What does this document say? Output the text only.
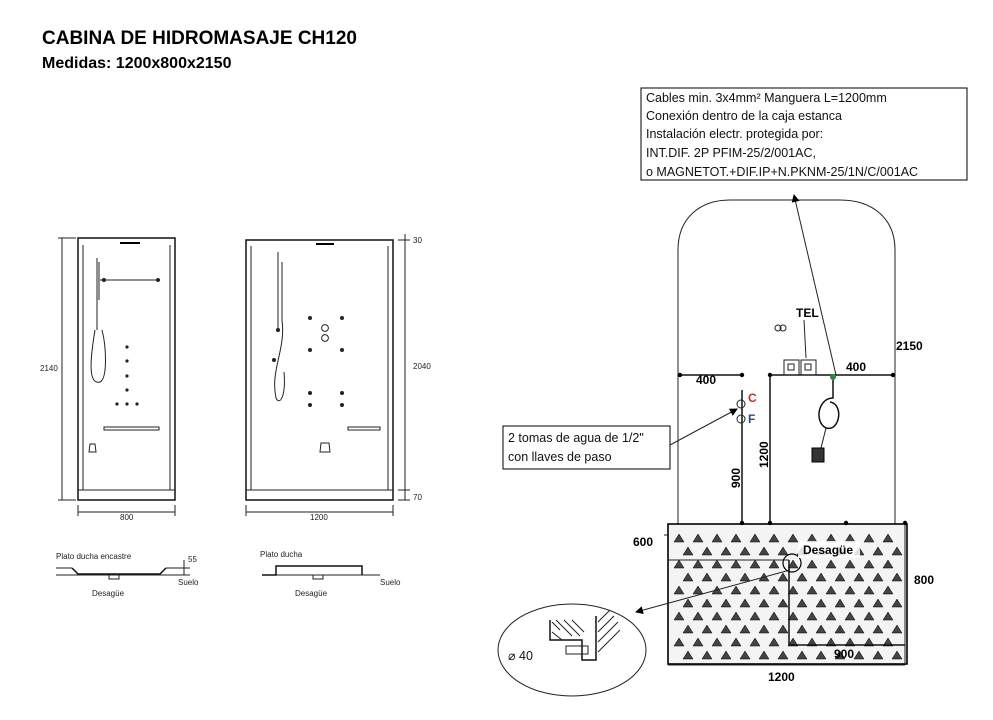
CABINA DE HIDROMASAJE CH120
Medidas: 1200x800x2150
2140
800
30
2040
70
1200
Plato ducha encastre	55
Suelo
Desagüe
Plato ducha
Suelo
Desagüe
Cables min. 3x4mm² Manguera L=1200mm
Conexión dentro de la caja estanca
Instalación electr. protegida por:
INT.DIF. 2P PFIM-25/2/001AC,
o MAGNETOT.+DIF.IP+N.PKNM-25/1N/C/001AC
C
F
TEL
2 tomas de agua de 1/2"
con llaves de paso
2150
400
400
900
1200
600
800
1200
900
Desagüe
⌀ 40
